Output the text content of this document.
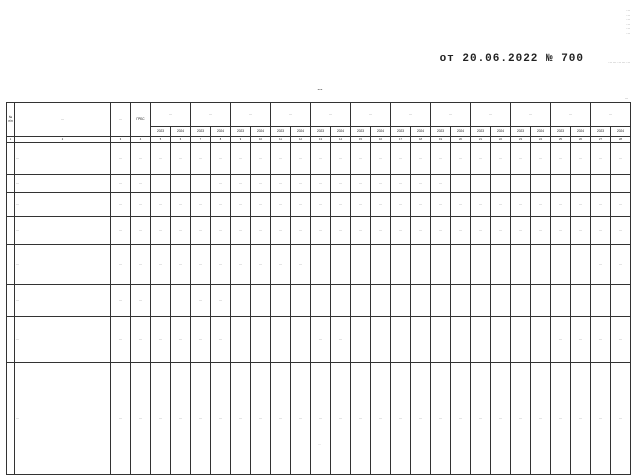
…
…
…
…
…
…
от 20.06.2022 № 700	… … … … …
…
…
№ п/п	…	…	ГРБС	…		…		…		…		…		…		…		…		…		…		…		…	
				2023	2024	2023	2024	2023	2024	2023	2024	2023	2024	2023	2024	2023	2024	2023	2024	2023	2024	2023	2024	2023	2024	2023	2024
1	2	3	4	5	6	7	8	9	10	11	12	13	14	15	16	17	18	19	20	21	22	23	24	25	26	27	28
	…	…	…	…	…	…	…	…	…	…	…	…	…	…	…	…	…	…	…	…	…	…	…	…	…	…	…
	…	…	…				…	…	…	…	…	…	…	…	…	…	…	…									
	…	…	…	…	…	…	…	…	…	…	…	…	…	…	…	…	…	…	…	…	…	…	…	…	…	…	…
	…	…	…	…	…	…	…	…	…	…	…	…	…	…	…	…	…	…	…	…	…	…	…	…	…	…	…
	…	…	…	…	…	…	…	…	…	…	…															…	…
	…	…	…			…	…																				
	…	…	…	…	…	…	…					…	…											…	…	…	…
	…	…	…	…	…	…	…	…	…	…	…	…	…	…	…	…	…	…	…	…	…	…	…	…	…	…	…
…
